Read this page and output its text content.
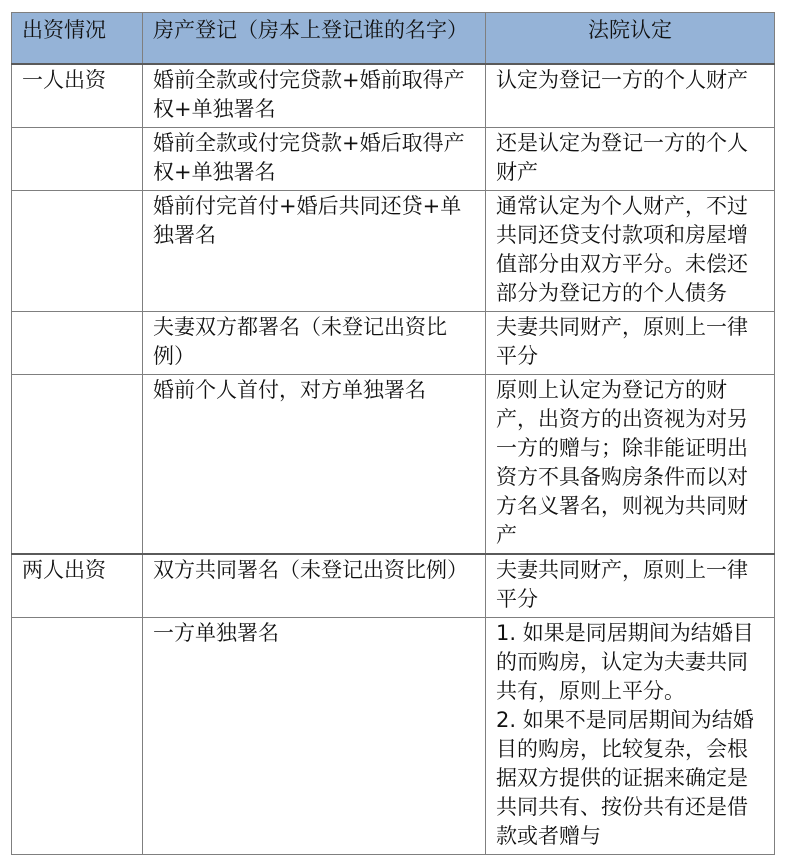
出资情况	房产登记（房本上登记谁的名字）	法院认定
一人出资	婚前全款或付完贷款+婚前取得产权+单独署名	认定为登记一方的个人财产

	婚前全款或付完贷款+婚后取得产权+单独署名	还是认定为登记一方的个人财产

	婚前付完首付+婚后共同还贷+单独署名	通常认定为个人财产，不过共同还贷支付款项和房屋增值部分由双方平分。未偿还部分为登记方的个人债务

	夫妻双方都署名（未登记出资比例）	夫妻共同财产，原则上一律平分

	婚前个人首付，对方单独署名	原则上认定为登记方的财产，出资方的出资视为对另一方的赠与；除非能证明出资方不具备购房条件而以对方名义署名，则视为共同财产

两人出资	双方共同署名（未登记出资比例）	夫妻共同财产，原则上一律平分

	一方单独署名	1. 如果是同居期间为结婚目的而购房，认定为夫妻共同共有，原则上平分。
2. 如果不是同居期间为结婚目的购房，比较复杂，会根据双方提供的证据来确定是共同共有、按份共有还是借款或者赠与
